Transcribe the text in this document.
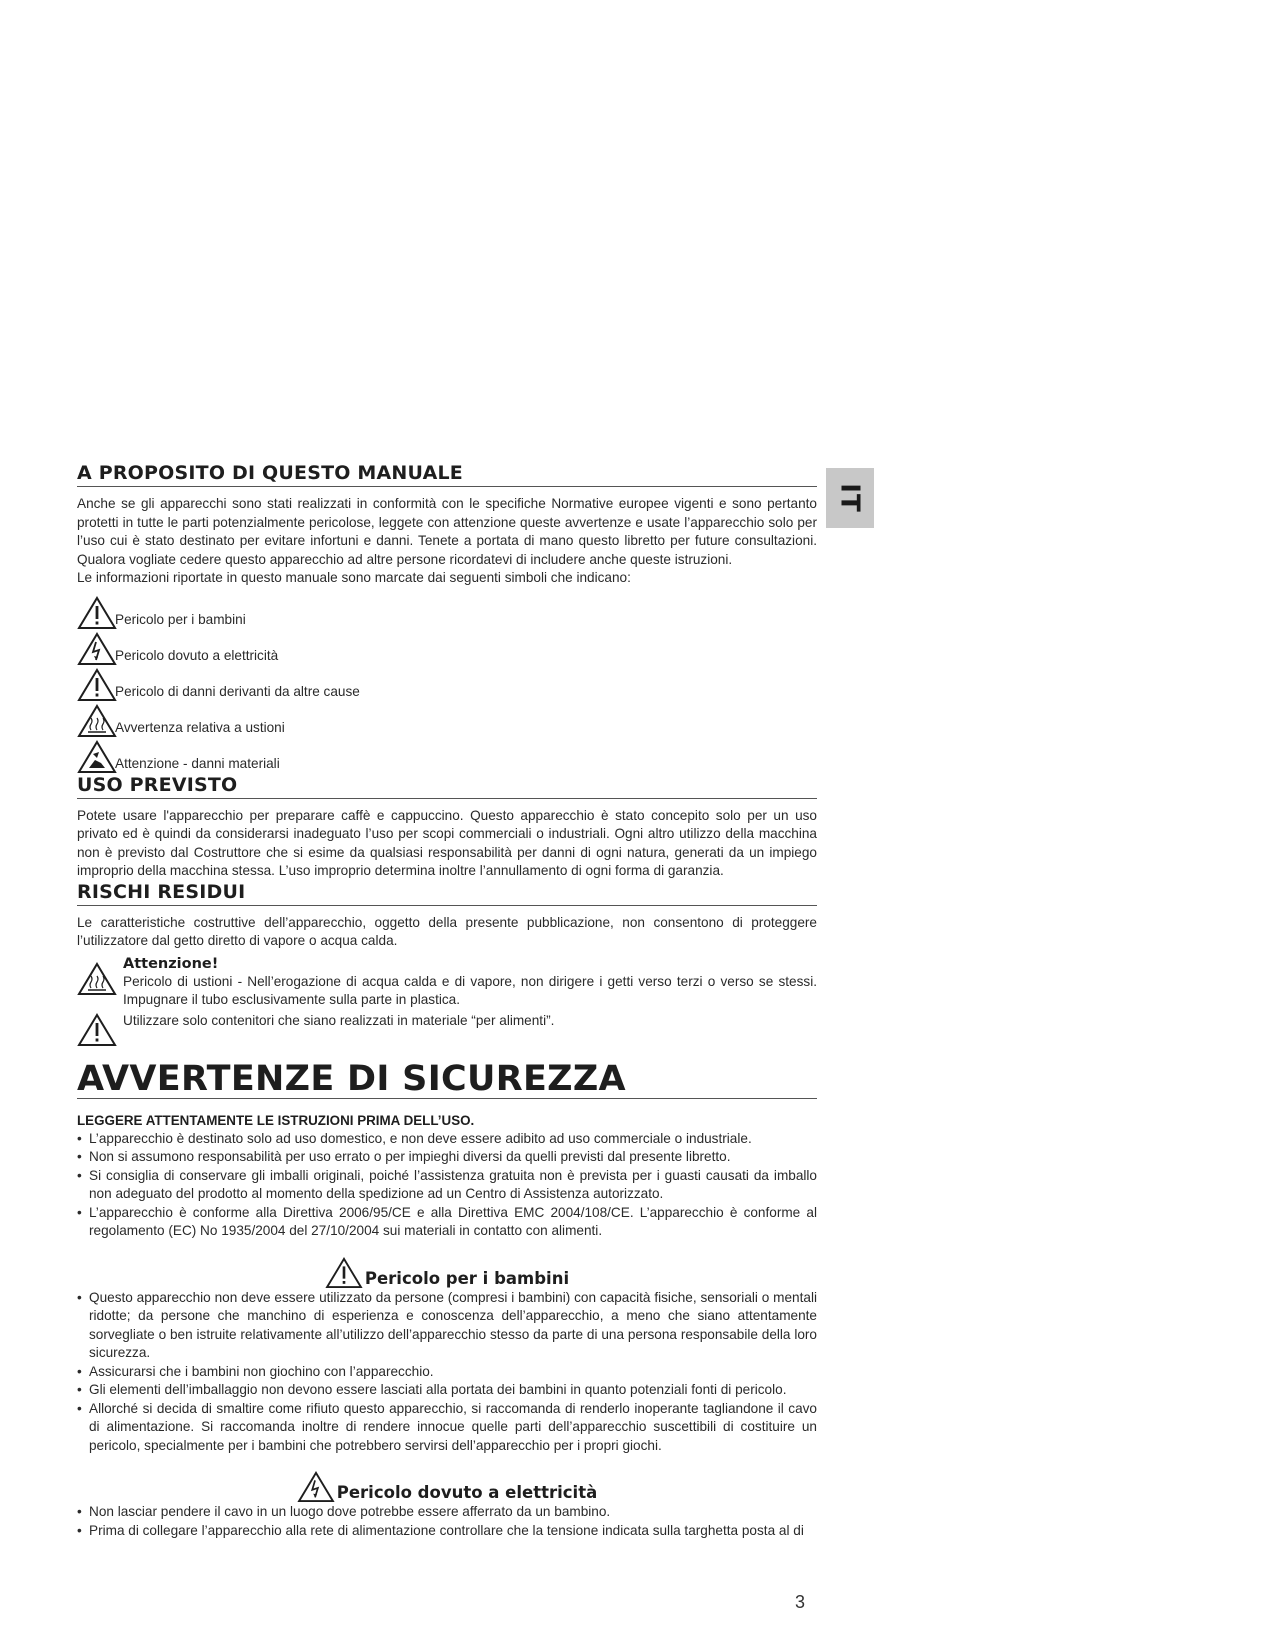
IT
A PROPOSITO DI QUESTO MANUALE

Anche se gli apparecchi sono stati realizzati in conformità con le specifiche Normative europee vigenti e sono pertanto protetti in tutte le parti potenzialmente pericolose, leggete con attenzione queste avvertenze e usate l’apparecchio solo per l’uso cui è stato destinato per evitare infortuni e danni. Tenete a portata di mano questo libretto per future consultazioni. Qualora vogliate cedere questo apparecchio ad altre persone ricordatevi di includere anche queste istruzioni.

Le informazioni riportate in questo manuale sono marcate dai seguenti simboli che indicano:

Pericolo per i bambini
Pericolo dovuto a elettricità
Pericolo di danni derivanti da altre cause
Avvertenza relativa a ustioni
Attenzione - danni materiali
USO PREVISTO

Potete usare l'apparecchio per preparare caffè e cappuccino. Questo apparecchio è stato concepito solo per un uso privato ed è quindi da considerarsi inadeguato l’uso per scopi commerciali o industriali. Ogni altro utilizzo della macchina non è previsto dal Costruttore che si esime da qualsiasi responsabilità per danni di ogni natura, generati da un impiego improprio della macchina stessa. L’uso improprio determina inoltre l’annullamento di ogni forma di garanzia.

RISCHI RESIDUI

Le caratteristiche costruttive dell’apparecchio, oggetto della presente pubblicazione, non consentono di proteggere l’utilizzatore dal getto diretto di vapore o acqua calda.

Attenzione!
Pericolo di ustioni - Nell’erogazione di acqua calda e di vapore, non dirigere i getti verso terzi o verso se stessi. Impugnare il tubo esclusivamente sulla parte in plastica.
Utilizzare solo contenitori che siano realizzati in materiale “per alimenti”.
AVVERTENZE DI SICUREZZA
LEGGERE ATTENTAMENTE LE ISTRUZIONI PRIMA DELL’USO.
• L’apparecchio è destinato solo ad uso domestico, e non deve essere adibito ad uso commerciale o industriale.
• Non si assumono responsabilità per uso errato o per impieghi diversi da quelli previsti dal presente libretto.
• Si consiglia di conservare gli imballi originali, poiché l’assistenza gratuita non è prevista per i guasti causati da imballo non adeguato del prodotto al momento della spedizione ad un Centro di Assistenza autorizzato.
• L’apparecchio è conforme alla Direttiva 2006/95/CE e alla Direttiva EMC 2004/108/CE. L’apparecchio è conforme al regolamento (EC) No 1935/2004 del 27/10/2004 sui materiali in contatto con alimenti.
Pericolo per i bambini
• Questo apparecchio non deve essere utilizzato da persone (compresi i bambini) con capacità fisiche, sensoriali o mentali ridotte; da persone che manchino di esperienza e conoscenza dell’apparecchio, a meno che siano attentamente sorvegliate o ben istruite relativamente all’utilizzo dell’apparecchio stesso da parte di una persona responsabile della loro sicurezza.
• Assicurarsi che i bambini non giochino con l’apparecchio.
• Gli elementi dell’imballaggio non devono essere lasciati alla portata dei bambini in quanto potenziali fonti di pericolo.
• Allorché si decida di smaltire come rifiuto questo apparecchio, si raccomanda di renderlo inoperante tagliandone il cavo di alimentazione. Si raccomanda inoltre di rendere innocue quelle parti dell’apparecchio suscettibili di costituire un pericolo, specialmente per i bambini che potrebbero servirsi dell’apparecchio per i propri giochi.
Pericolo dovuto a elettricità
• Non lasciar pendere il cavo in un luogo dove potrebbe essere afferrato da un bambino.
• Prima di collegare l’apparecchio alla rete di alimentazione controllare che la tensione indicata sulla targhetta posta al di
3
